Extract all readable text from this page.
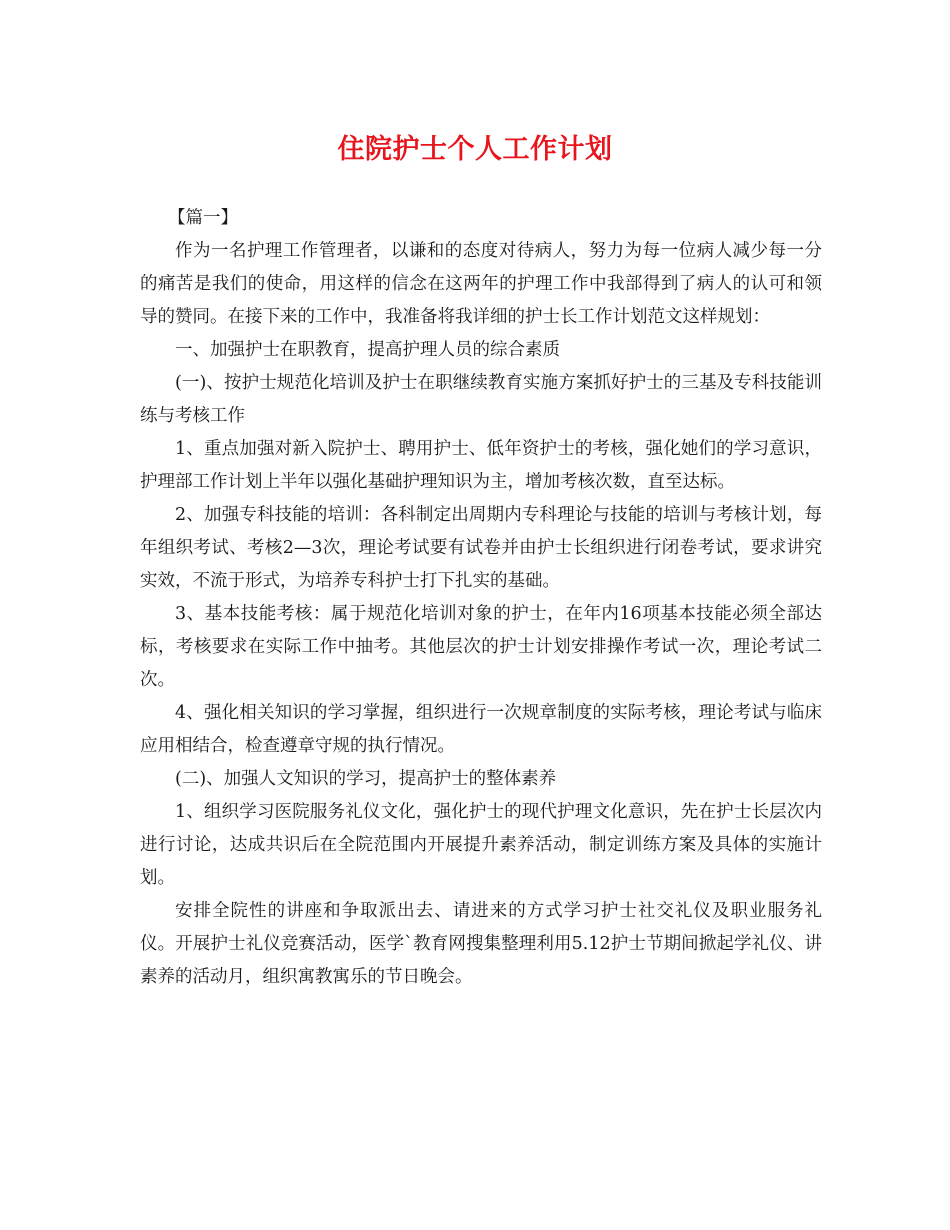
住院护士个人工作计划

【篇一】

作为一名护理工作管理者，以谦和的态度对待病人，努力为每一位病人减少每一分的痛苦是我们的使命，用这样的信念在这两年的护理工作中我部得到了病人的认可和领导的赞同。在接下来的工作中，我准备将我详细的护士长工作计划范文这样规划：

一、加强护士在职教育，提高护理人员的综合素质

(一)、按护士规范化培训及护士在职继续教育实施方案抓好护士的三基及专科技能训练与考核工作

1、重点加强对新入院护士、聘用护士、低年资护士的考核，强化她们的学习意识，护理部工作计划上半年以强化基础护理知识为主，增加考核次数，直至达标。

2、加强专科技能的培训：各科制定出周期内专科理论与技能的培训与考核计划，每年组织考试、考核2—3次，理论考试要有试卷并由护士长组织进行闭卷考试，要求讲究实效，不流于形式，为培养专科护士打下扎实的基础。

3、基本技能考核：属于规范化培训对象的护士，在年内16项基本技能必须全部达标，考核要求在实际工作中抽考。其他层次的护士计划安排操作考试一次，理论考试二次。

4、强化相关知识的学习掌握，组织进行一次规章制度的实际考核，理论考试与临床应用相结合，检查遵章守规的执行情况。

(二)、加强人文知识的学习，提高护士的整体素养

1、组织学习医院服务礼仪文化，强化护士的现代护理文化意识，先在护士长层次内进行讨论，达成共识后在全院范围内开展提升素养活动，制定训练方案及具体的实施计划。

安排全院性的讲座和争取派出去、请进来的方式学习护士社交礼仪及职业服务礼仪。开展护士礼仪竞赛活动，医学`教育网搜集整理利用5.12护士节期间掀起学礼仪、讲素养的活动月，组织寓教寓乐的节日晚会。
